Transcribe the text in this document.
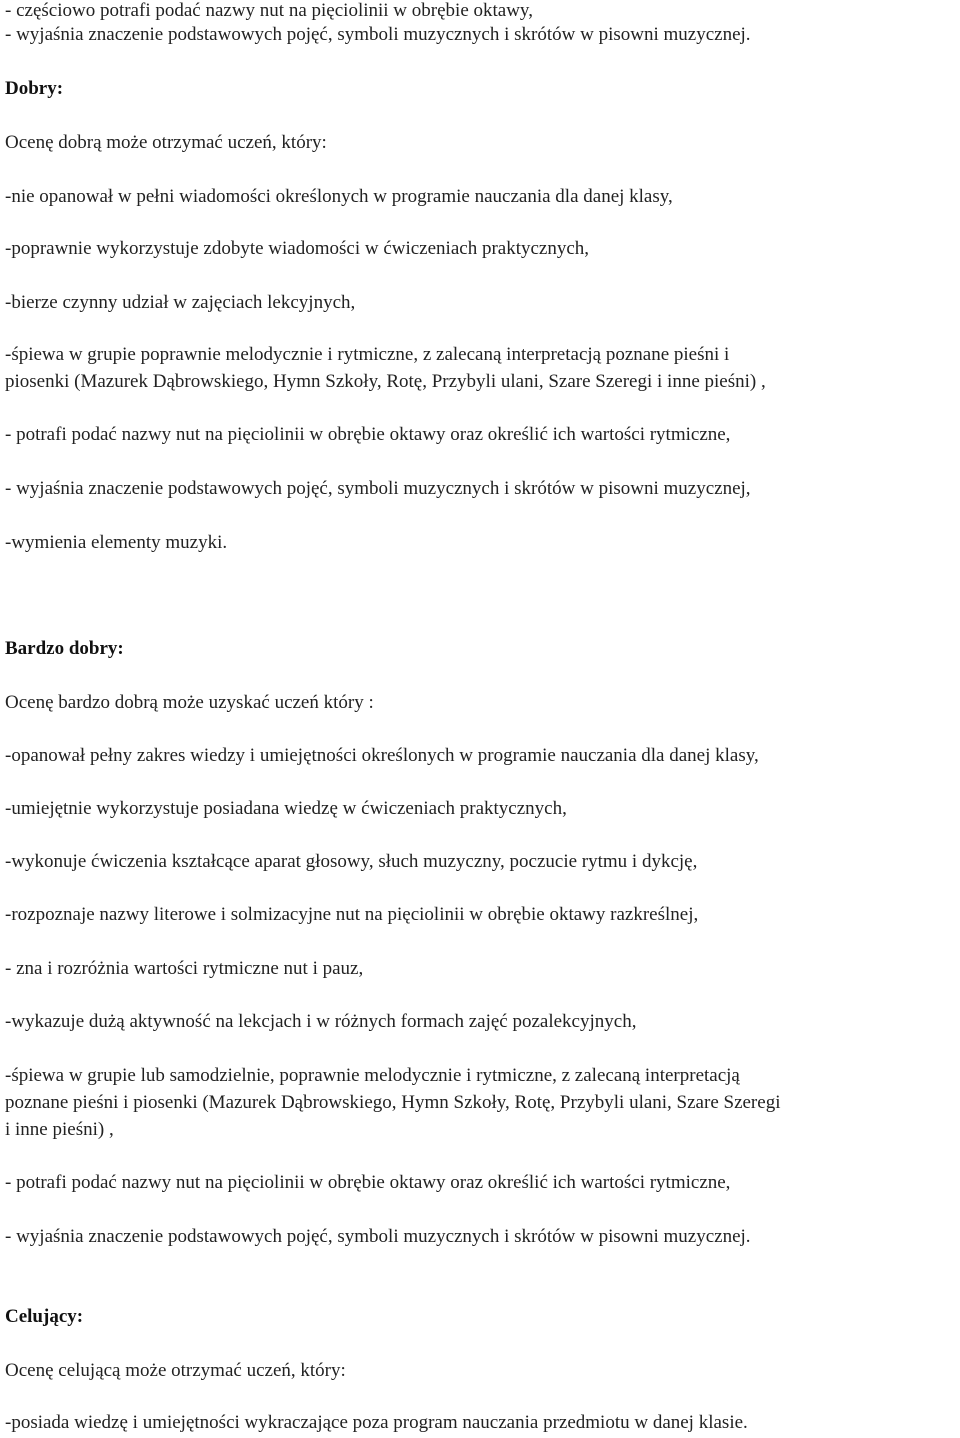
- częściowo potrafi podać nazwy nut na pięciolinii w obrębie oktawy,
- wyjaśnia znaczenie podstawowych pojęć, symboli muzycznych i skrótów w pisowni muzycznej.
Dobry:
Ocenę dobrą może otrzymać uczeń, który:
-nie opanował w pełni wiadomości określonych w programie nauczania dla danej klasy,
-poprawnie wykorzystuje zdobyte wiadomości w ćwiczeniach praktycznych,
-bierze czynny udział w zajęciach lekcyjnych,
-śpiewa w grupie poprawnie melodycznie i rytmiczne, z zalecaną interpretacją poznane pieśni i
piosenki (Mazurek Dąbrowskiego, Hymn Szkoły, Rotę, Przybyli ulani, Szare Szeregi i inne pieśni) ,
- potrafi podać nazwy nut na pięciolinii w obrębie oktawy oraz określić ich wartości rytmiczne,
- wyjaśnia znaczenie podstawowych pojęć, symboli muzycznych i skrótów w pisowni muzycznej,
-wymienia elementy muzyki.
Bardzo dobry:
Ocenę bardzo dobrą może uzyskać uczeń który :
-opanował pełny zakres wiedzy i umiejętności określonych w programie nauczania dla danej klasy,
-umiejętnie wykorzystuje posiadana wiedzę w ćwiczeniach praktycznych,
-wykonuje ćwiczenia kształcące aparat głosowy, słuch muzyczny, poczucie rytmu i dykcję,
-rozpoznaje nazwy literowe i solmizacyjne nut na pięciolinii w obrębie oktawy razkreślnej,
- zna i rozróżnia wartości rytmiczne nut i pauz,
-wykazuje dużą aktywność na lekcjach i w różnych formach zajęć pozalekcyjnych,
-śpiewa w grupie lub samodzielnie, poprawnie melodycznie i rytmiczne, z zalecaną interpretacją
poznane pieśni i piosenki (Mazurek Dąbrowskiego, Hymn Szkoły, Rotę, Przybyli ulani, Szare Szeregi
i inne pieśni) ,
- potrafi podać nazwy nut na pięciolinii w obrębie oktawy oraz określić ich wartości rytmiczne,
- wyjaśnia znaczenie podstawowych pojęć, symboli muzycznych i skrótów w pisowni muzycznej.
Celujący:
Ocenę celującą może otrzymać uczeń, który:
-posiada wiedzę i umiejętności wykraczające poza program nauczania przedmiotu w danej klasie.
